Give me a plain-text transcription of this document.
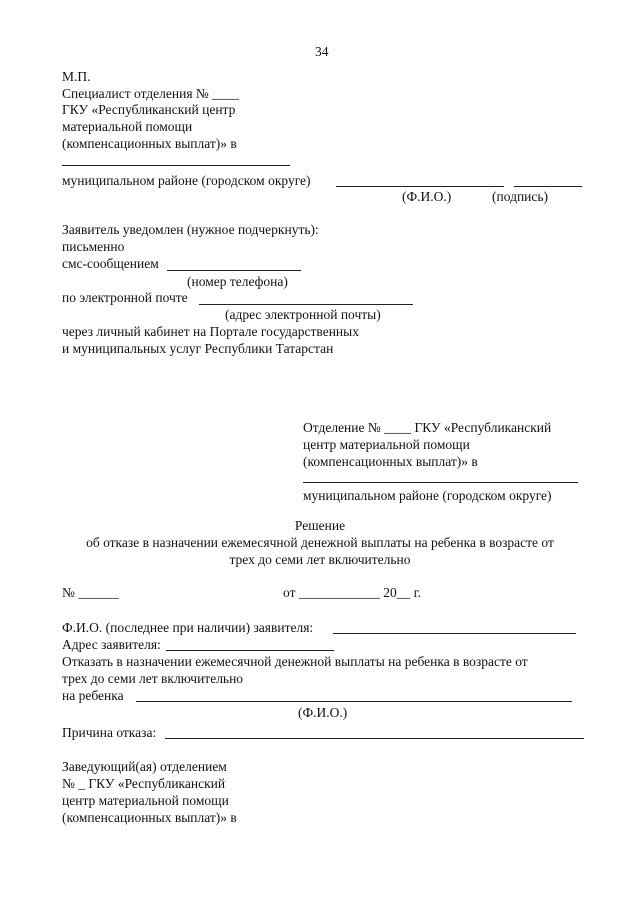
34
М.П.
Специалист отделения № ____
ГКУ «Республиканский центр
материальной помощи
(компенсационных выплат)» в
муниципальном районе (городском округе)
(Ф.И.О.)	(подпись)
Заявитель уведомлен (нужное подчеркнуть):
письменно
смс-сообщением
(номер телефона)
по электронной почте
(адрес электронной почты)
через личный кабинет на Портале государственных
и муниципальных услуг Республики Татарстан
Отделение № ____ ГКУ «Республиканский
центр материальной помощи
(компенсационных выплат)» в
муниципальном районе (городском округе)
Решение
об отказе в назначении ежемесячной денежной выплаты на ребенка в возрасте от
трех до семи лет включительно
№ ______	от ____________ 20__ г.
Ф.И.О. (последнее при наличии) заявителя:
Адрес заявителя:
Отказать в назначении ежемесячной денежной выплаты на ребенка в возрасте от
трех до семи лет включительно
на ребенка
(Ф.И.О.)
Причина отказа:
Заведующий(ая) отделением
№ _ ГКУ «Республиканский
центр материальной помощи
(компенсационных выплат)» в
